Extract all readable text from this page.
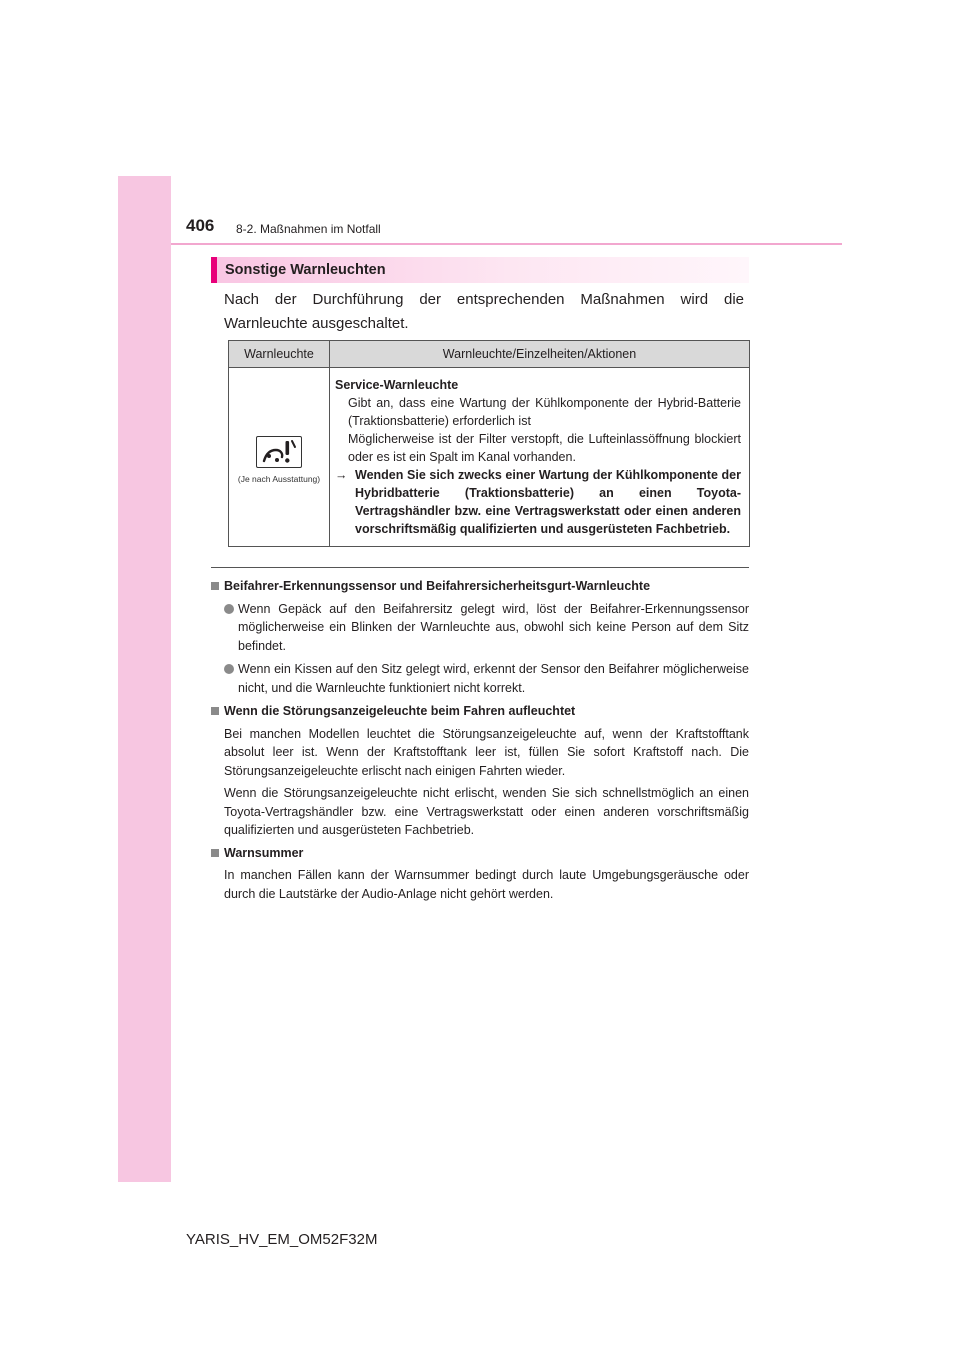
406 8-2. Maßnahmen im Notfall
Sonstige Warnleuchten
Nach der Durchführung der entsprechenden Maßnahmen wird die Warnleuchte ausgeschaltet.
Warnleuchte	Warnleuchte/Einzelheiten/Aktionen

(Je nach Ausstattung)	Service-Warnleuchte
Gibt an, dass eine Wartung der Kühlkomponente der Hybrid-Batterie (Traktionsbatterie) erforderlich ist
Möglicherweise ist der Filter verstopft, die Lufteinlassöffnung blockiert oder es ist ein Spalt im Kanal vorhanden.
→ Wenden Sie sich zwecks einer Wartung der Kühlkomponente der Hybridbatterie (Traktionsbatterie) an einen Toyota-Vertragshändler bzw. eine Vertragswerkstatt oder einen anderen vorschriftsmäßig qualifizierten und ausgerüsteten Fachbetrieb.
Beifahrer-Erkennungssensor und Beifahrersicherheitsgurt-Warnleuchte
Wenn Gepäck auf den Beifahrersitz gelegt wird, löst der Beifahrer-Erkennungssensor möglicherweise ein Blinken der Warnleuchte aus, obwohl sich keine Person auf dem Sitz befindet.
Wenn ein Kissen auf den Sitz gelegt wird, erkennt der Sensor den Beifahrer möglicherweise nicht, und die Warnleuchte funktioniert nicht korrekt.
Wenn die Störungsanzeigeleuchte beim Fahren aufleuchtet
Bei manchen Modellen leuchtet die Störungsanzeigeleuchte auf, wenn der Kraftstofftank absolut leer ist. Wenn der Kraftstofftank leer ist, füllen Sie sofort Kraftstoff nach. Die Störungsanzeigeleuchte erlischt nach einigen Fahrten wieder.
Wenn die Störungsanzeigeleuchte nicht erlischt, wenden Sie sich schnellstmöglich an einen Toyota-Vertragshändler bzw. eine Vertragswerkstatt oder einen anderen vorschriftsmäßig qualifizierten und ausgerüsteten Fachbetrieb.
Warnsummer
In manchen Fällen kann der Warnsummer bedingt durch laute Umgebungsgeräusche oder durch die Lautstärke der Audio-Anlage nicht gehört werden.
YARIS_HV_EM_OM52F32M
